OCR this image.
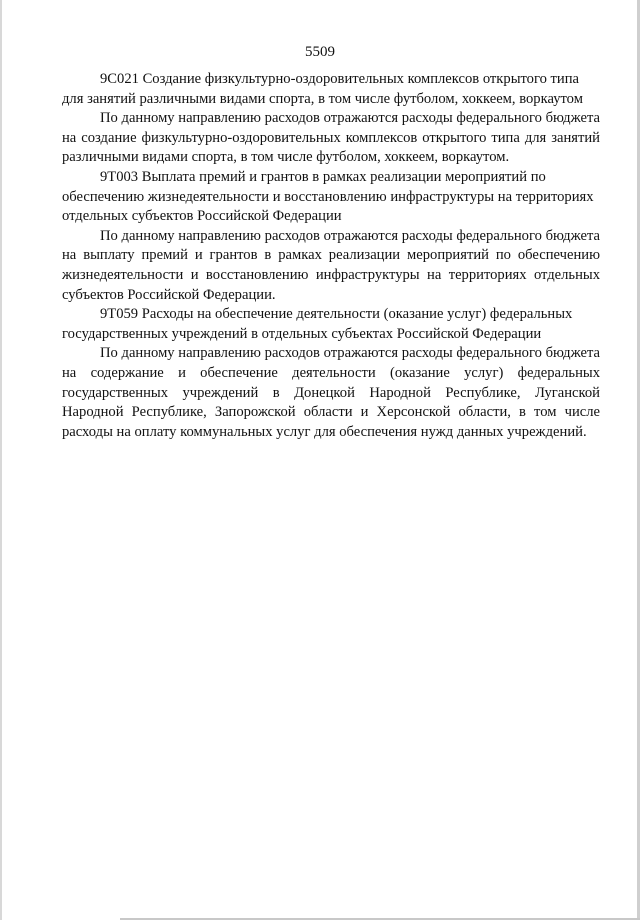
5509

9С021 Создание физкультурно-оздоровительных комплексов открытого типа для занятий различными видами спорта, в том числе футболом, хоккеем, воркаутом

По данному направлению расходов отражаются расходы федерального бюджета на создание физкультурно-оздоровительных комплексов открытого типа для занятий различными видами спорта, в том числе футболом, хоккеем, воркаутом.

9Т003 Выплата премий и грантов в рамках реализации мероприятий по обеспечению жизнедеятельности и восстановлению инфраструктуры на территориях отдельных субъектов Российской Федерации

По данному направлению расходов отражаются расходы федерального бюджета на выплату премий и грантов в рамках реализации мероприятий по обеспечению жизнедеятельности и восстановлению инфраструктуры на территориях отдельных субъектов Российской Федерации.

9Т059 Расходы на обеспечение деятельности (оказание услуг) федеральных государственных учреждений в отдельных субъектах Российской Федерации

По данному направлению расходов отражаются расходы федерального бюджета на содержание и обеспечение деятельности (оказание услуг) федеральных государственных учреждений в Донецкой Народной Республике, Луганской Народной Республике, Запорожской области и Херсонской области, в том числе расходы на оплату коммунальных услуг для обеспечения нужд данных учреждений.
